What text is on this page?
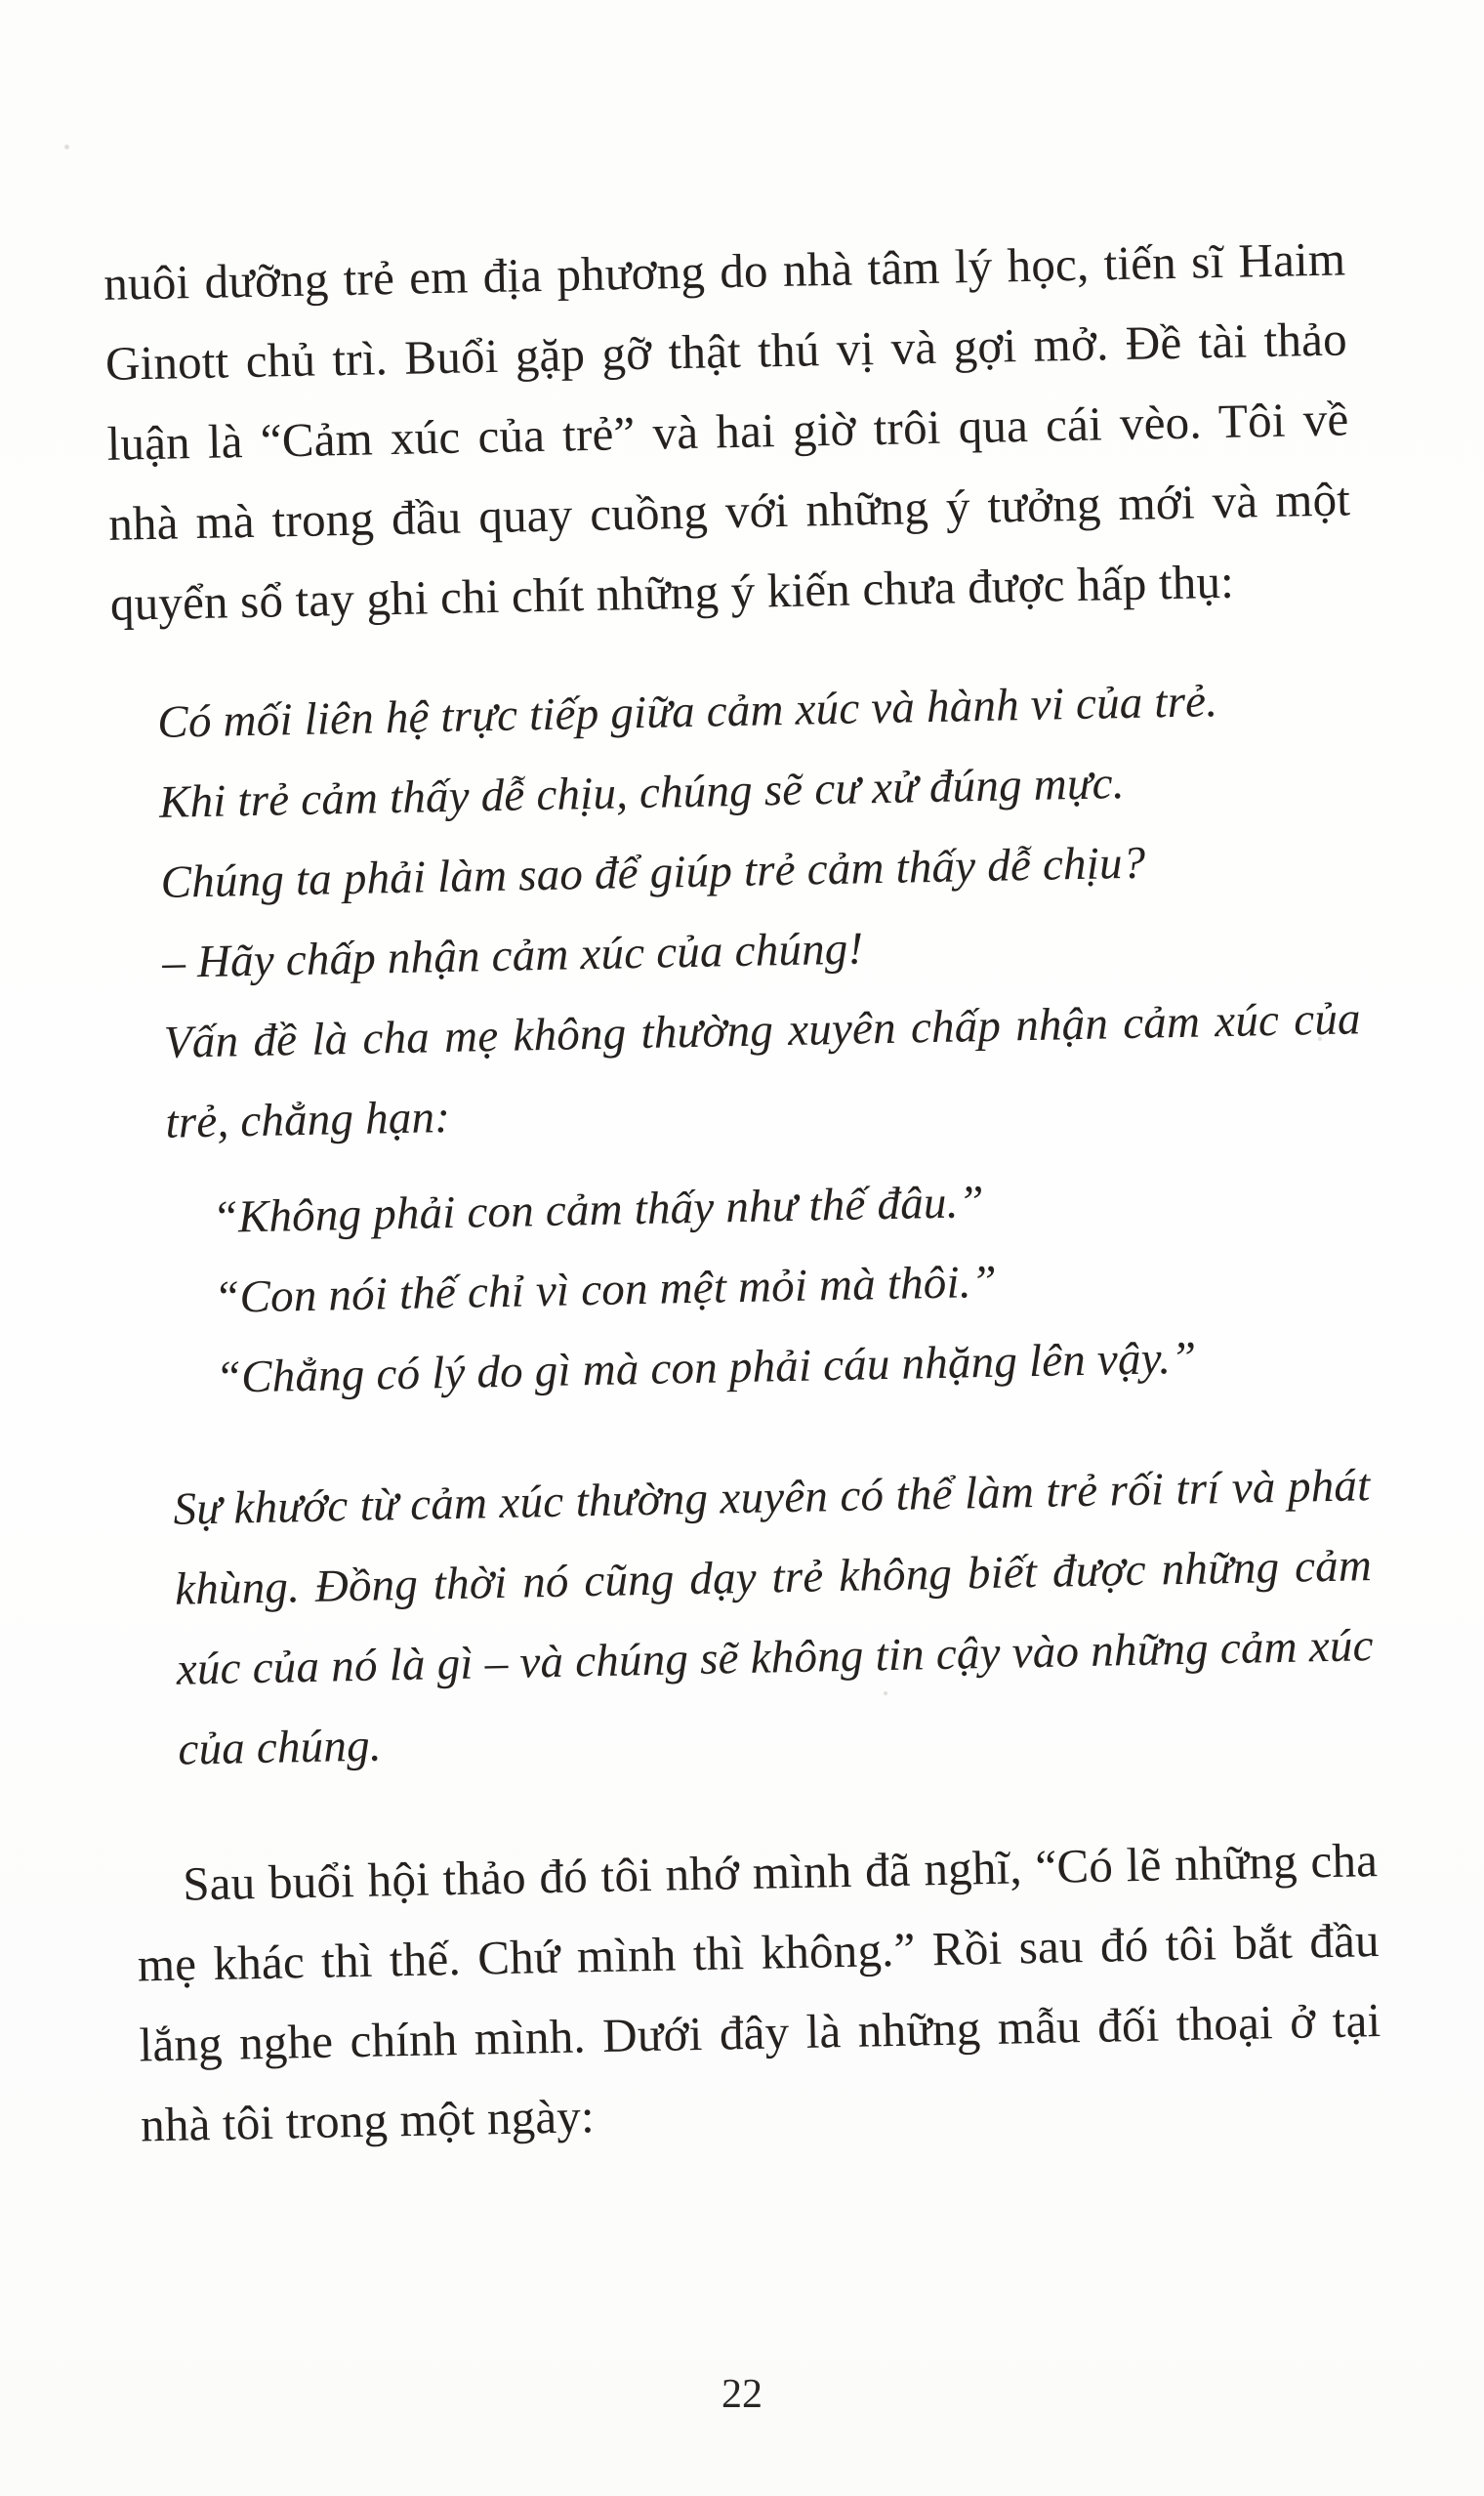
nuôi dưỡng trẻ em địa phương do nhà tâm lý học, tiến sĩ Haim Ginott chủ trì. Buổi gặp gỡ thật thú vị và gợi mở. Đề tài thảo luận là “Cảm xúc của trẻ” và hai giờ trôi qua cái vèo. Tôi về nhà mà trong đầu quay cuồng với những ý tưởng mới và một quyển sổ tay ghi chi chít những ý kiến chưa được hấp thụ:

Có mối liên hệ trực tiếp giữa cảm xúc và hành vi của trẻ.

Khi trẻ cảm thấy dễ chịu, chúng sẽ cư xử đúng mực.

Chúng ta phải làm sao để giúp trẻ cảm thấy dễ chịu?

– Hãy chấp nhận cảm xúc của chúng!

Vấn đề là cha mẹ không thường xuyên chấp nhận cảm xúc của trẻ, chẳng hạn:

“Không phải con cảm thấy như thế đâu.”

“Con nói thế chỉ vì con mệt mỏi mà thôi.”

“Chẳng có lý do gì mà con phải cáu nhặng lên vậy.”

Sự khước từ cảm xúc thường xuyên có thể làm trẻ rối trí và phát khùng. Đồng thời nó cũng dạy trẻ không biết được những cảm xúc của nó là gì – và chúng sẽ không tin cậy vào những cảm xúc của chúng.

Sau buổi hội thảo đó tôi nhớ mình đã nghĩ, “Có lẽ những cha mẹ khác thì thế. Chứ mình thì không.” Rồi sau đó tôi bắt đầu lắng nghe chính mình. Dưới đây là những mẫu đối thoại ở tại nhà tôi trong một ngày:

22
